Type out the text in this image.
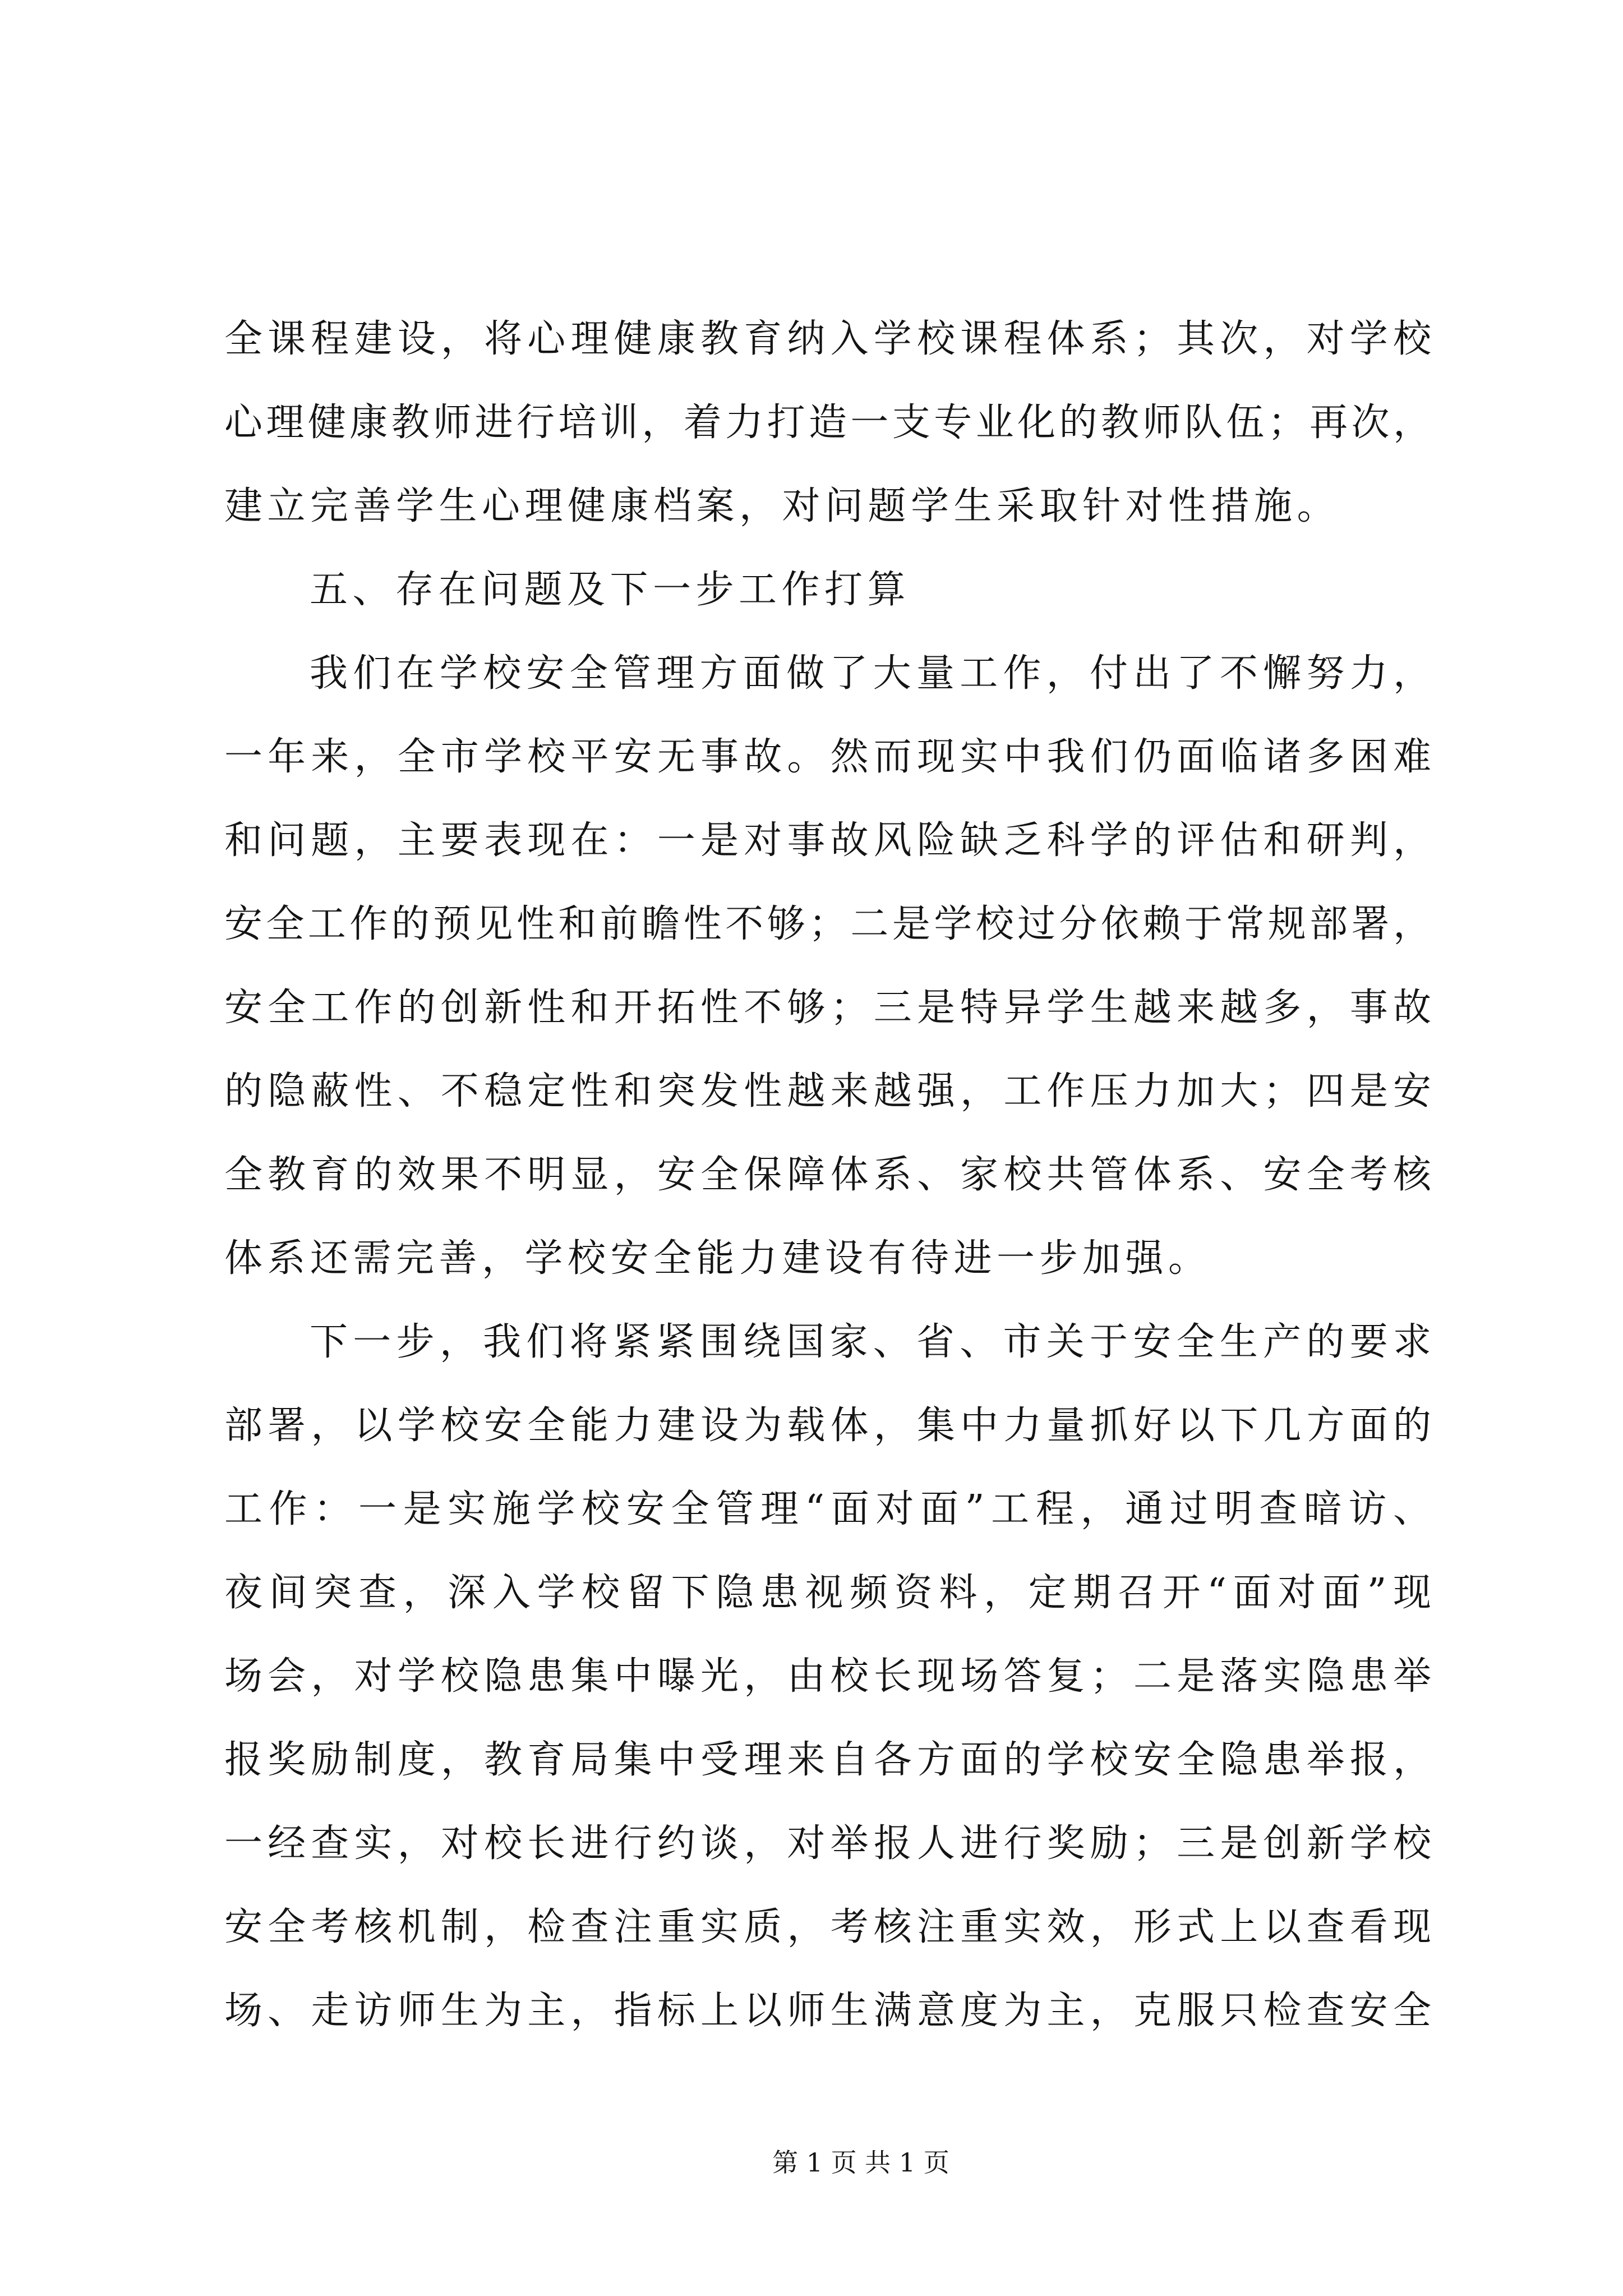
全课程建设，将心理健康教育纳入学校课程体系；其次，对学校
心理健康教师进行培训，着力打造一支专业化的教师队伍；再次，
建立完善学生心理健康档案，对问题学生采取针对性措施。
五、存在问题及下一步工作打算
我们在学校安全管理方面做了大量工作，付出了不懈努力，
一年来，全市学校平安无事故。然而现实中我们仍面临诸多困难
和问题，主要表现在：一是对事故风险缺乏科学的评估和研判，
安全工作的预见性和前瞻性不够；二是学校过分依赖于常规部署，
安全工作的创新性和开拓性不够；三是特异学生越来越多，事故
的隐蔽性、不稳定性和突发性越来越强，工作压力加大；四是安
全教育的效果不明显，安全保障体系、家校共管体系、安全考核
体系还需完善，学校安全能力建设有待进一步加强。
下一步，我们将紧紧围绕国家、省、市关于安全生产的要求
部署，以学校安全能力建设为载体，集中力量抓好以下几方面的
工作：一是实施学校安全管理“面对面”工程，通过明查暗访、
夜间突查，深入学校留下隐患视频资料，定期召开“面对面”现
场会，对学校隐患集中曝光，由校长现场答复；二是落实隐患举
报奖励制度，教育局集中受理来自各方面的学校安全隐患举报，
一经查实，对校长进行约谈，对举报人进行奖励；三是创新学校
安全考核机制，检查注重实质，考核注重实效，形式上以查看现
场、走访师生为主，指标上以师生满意度为主，克服只检查安全
第 1 页 共 1 页
